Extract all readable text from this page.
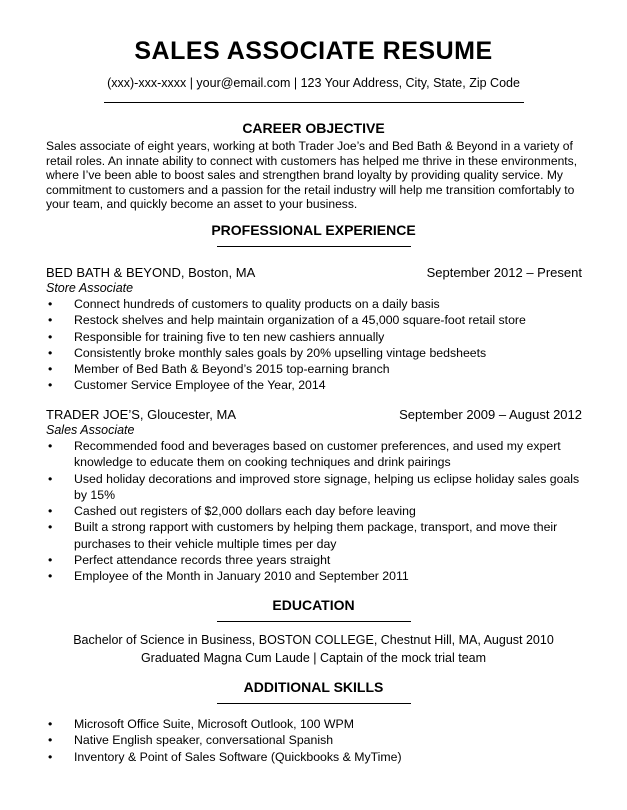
SALES ASSOCIATE RESUME
(xxx)-xxx-xxxx | your@email.com | 123 Your Address, City, State, Zip Code
CAREER OBJECTIVE
Sales associate of eight years, working at both Trader Joe’s and Bed Bath & Beyond in a variety of retail roles. An innate ability to connect with customers has helped me thrive in these environments, where I’ve been able to boost sales and strengthen brand loyalty by providing quality service. My commitment to customers and a passion for the retail industry will help me transition comfortably to your team, and quickly become an asset to your business.
PROFESSIONAL EXPERIENCE
BED BATH & BEYOND, Boston, MA	September 2012 – Present
Store Associate
• Connect hundreds of customers to quality products on a daily basis
• Restock shelves and help maintain organization of a 45,000 square-foot retail store
• Responsible for training five to ten new cashiers annually
• Consistently broke monthly sales goals by 20% upselling vintage bedsheets
• Member of Bed Bath & Beyond’s 2015 top-earning branch
• Customer Service Employee of the Year, 2014
TRADER JOE’S, Gloucester, MA	September 2009 – August 2012
Sales Associate
• Recommended food and beverages based on customer preferences, and used my expert knowledge to educate them on cooking techniques and drink pairings
• Used holiday decorations and improved store signage, helping us eclipse holiday sales goals by 15%
• Cashed out registers of $2,000 dollars each day before leaving
• Built a strong rapport with customers by helping them package, transport, and move their purchases to their vehicle multiple times per day
• Perfect attendance records three years straight
• Employee of the Month in January 2010 and September 2011
EDUCATION
Bachelor of Science in Business, BOSTON COLLEGE, Chestnut Hill, MA, August 2010
Graduated Magna Cum Laude | Captain of the mock trial team
ADDITIONAL SKILLS
• Microsoft Office Suite, Microsoft Outlook, 100 WPM
• Native English speaker, conversational Spanish
• Inventory & Point of Sales Software (Quickbooks & MyTime)
